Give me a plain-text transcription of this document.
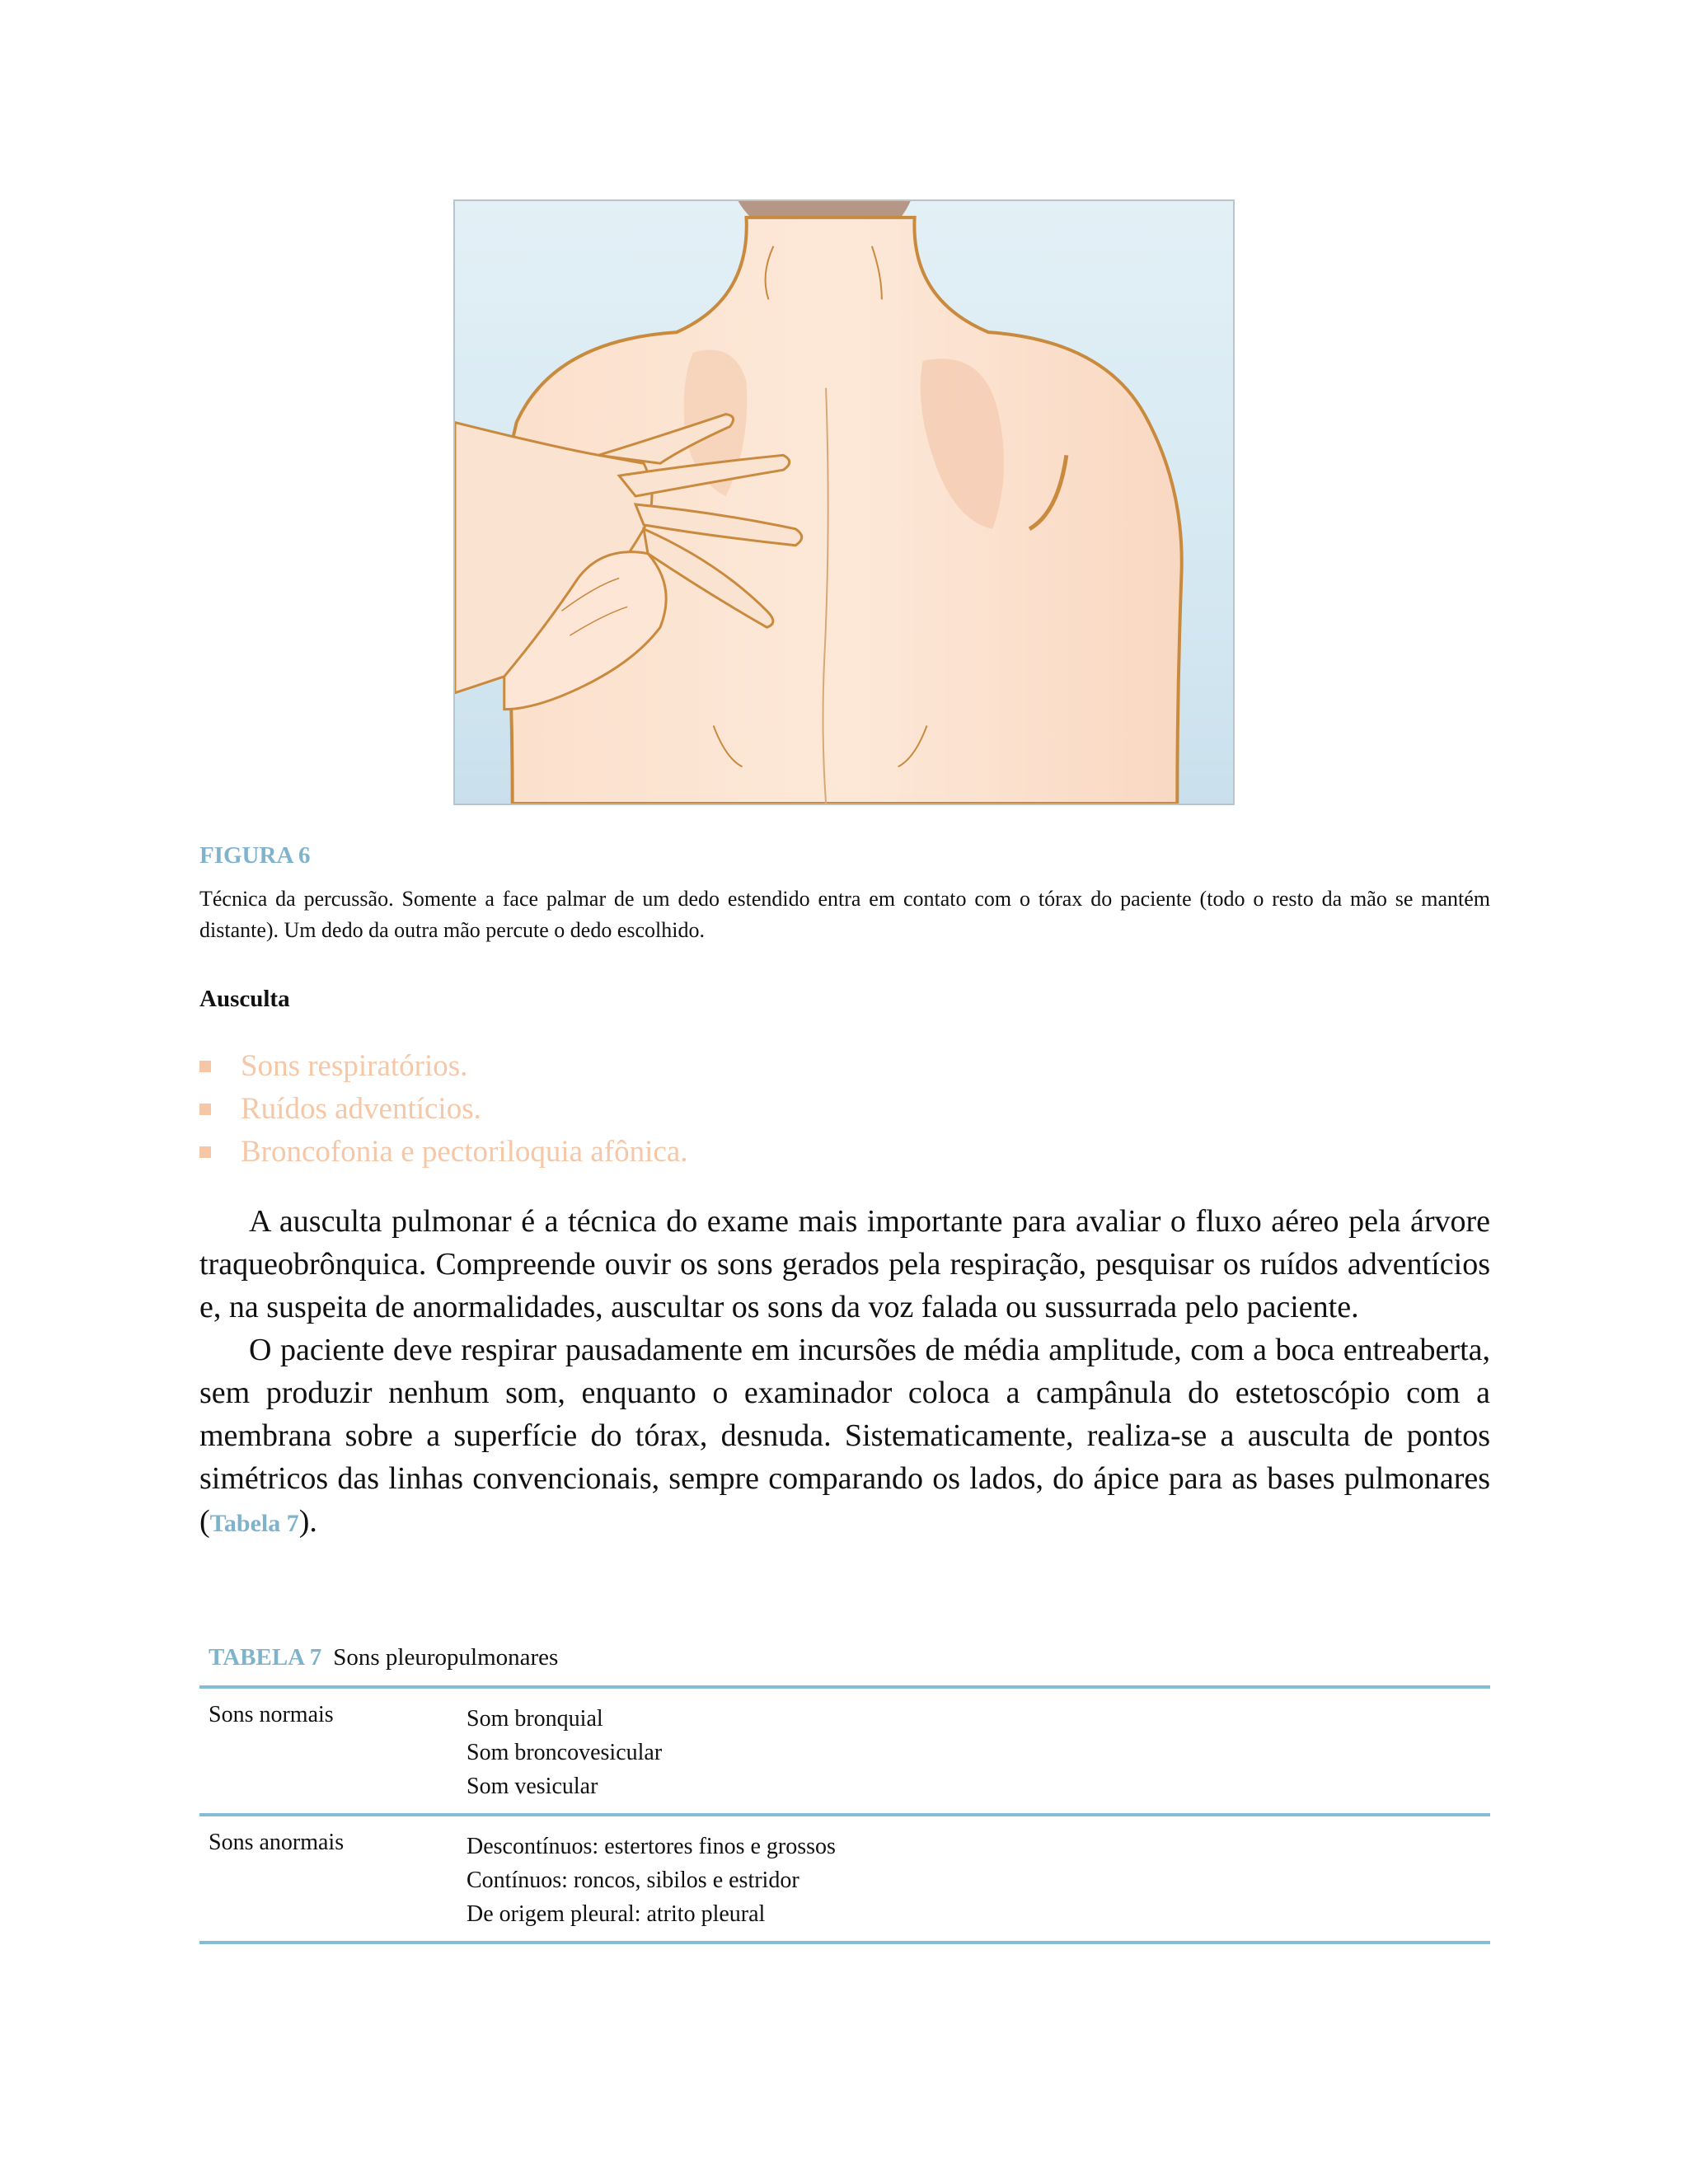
FIGURA 6
Técnica da percussão. Somente a face palmar de um dedo estendido entra em contato com o tórax do paciente (todo o resto da mão se mantém distante). Um dedo da outra mão percute o dedo escolhido.
Ausculta
Sons respiratórios.
Ruídos adventícios.
Broncofonia e pectoriloquia afônica.

A ausculta pulmonar é a técnica do exame mais importante para avaliar o fluxo aéreo pela árvore traqueobrônquica. Compreende ouvir os sons gerados pela respiração, pesquisar os ruídos adventícios e, na suspeita de anormalidades, auscultar os sons da voz falada ou sussurrada pelo paciente.

O paciente deve respirar pausadamente em incursões de média amplitude, com a boca entreaberta, sem produzir nenhum som, enquanto o examinador coloca a campânula do estetoscópio com a membrana sobre a superfície do tórax, desnuda. Sistematicamente, realiza-se a ausculta de pontos simétricos das linhas convencionais, sempre comparando os lados, do ápice para as bases pulmonares (Tabela 7).

TABELA 7 Sons pleuropulmonares
Sons normais	Som bronquial
Som broncovesicular
Som vesicular
Sons anormais	Descontínuos: estertores finos e grossos
Contínuos: roncos, sibilos e estridor
De origem pleural: atrito pleural
